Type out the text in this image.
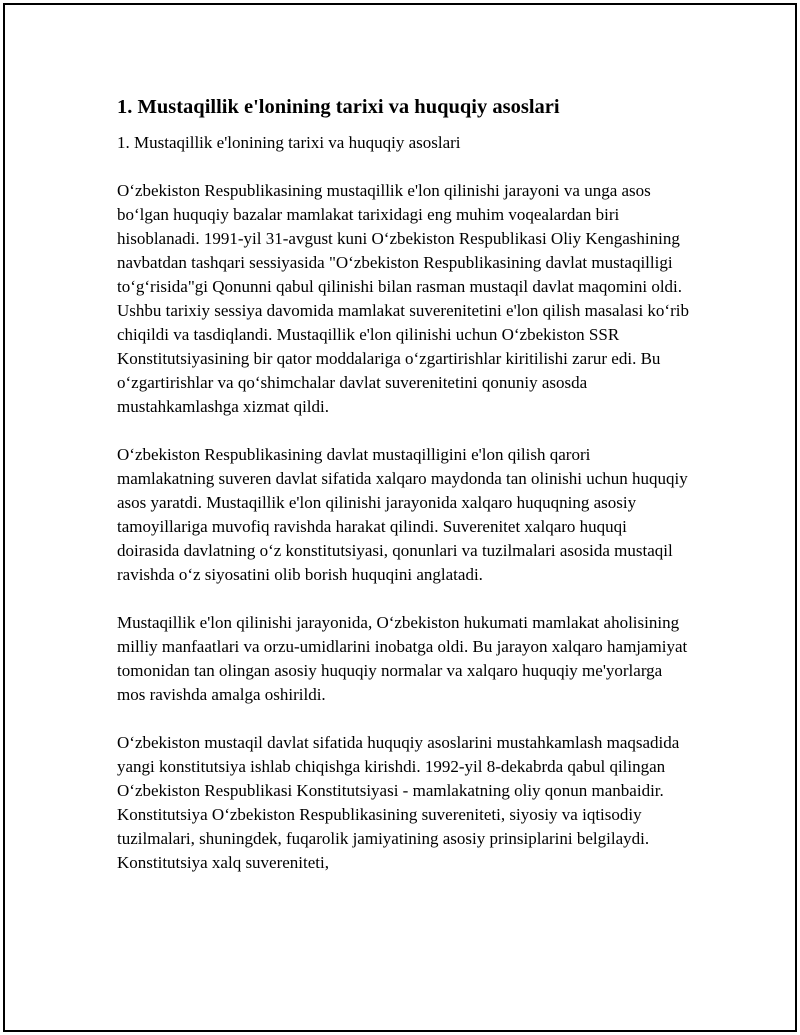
1. Mustaqillik e'lonining tarixi va huquqiy asoslari

1. Mustaqillik e'lonining tarixi va huquqiy asoslari

O‘zbekiston Respublikasining mustaqillik e'lon qilinishi jarayoni va unga asos bo‘lgan huquqiy bazalar mamlakat tarixidagi eng muhim voqealardan biri hisoblanadi. 1991-yil 31-avgust kuni O‘zbekiston Respublikasi Oliy Kengashining navbatdan tashqari sessiyasida "O‘zbekiston Respublikasining davlat mustaqilligi to‘g‘risida"gi Qonunni qabul qilinishi bilan rasman mustaqil davlat maqomini oldi. Ushbu tarixiy sessiya davomida mamlakat suverenitetini e'lon qilish masalasi ko‘rib chiqildi va tasdiqlandi. Mustaqillik e'lon qilinishi uchun O‘zbekiston SSR Konstitutsiyasining bir qator moddalariga o‘zgartirishlar kiritilishi zarur edi. Bu o‘zgartirishlar va qo‘shimchalar davlat suverenitetini qonuniy asosda mustahkamlashga xizmat qildi.

O‘zbekiston Respublikasining davlat mustaqilligini e'lon qilish qarori mamlakatning suveren davlat sifatida xalqaro maydonda tan olinishi uchun huquqiy asos yaratdi. Mustaqillik e'lon qilinishi jarayonida xalqaro huquqning asosiy tamoyillariga muvofiq ravishda harakat qilindi. Suverenitet xalqaro huquqi doirasida davlatning o‘z konstitutsiyasi, qonunlari va tuzilmalari asosida mustaqil ravishda o‘z siyosatini olib borish huquqini anglatadi.

Mustaqillik e'lon qilinishi jarayonida, O‘zbekiston hukumati mamlakat aholisining milliy manfaatlari va orzu-umidlarini inobatga oldi. Bu jarayon xalqaro hamjamiyat tomonidan tan olingan asosiy huquqiy normalar va xalqaro huquqiy me'yorlarga mos ravishda amalga oshirildi.

O‘zbekiston mustaqil davlat sifatida huquqiy asoslarini mustahkamlash maqsadida yangi konstitutsiya ishlab chiqishga kirishdi. 1992-yil 8-dekabrda qabul qilingan O‘zbekiston Respublikasi Konstitutsiyasi - mamlakatning oliy qonun manbaidir. Konstitutsiya O‘zbekiston Respublikasining suvereniteti, siyosiy va iqtisodiy tuzilmalari, shuningdek, fuqarolik jamiyatining asosiy prinsiplarini belgilaydi. Konstitutsiya xalq suvereniteti,
